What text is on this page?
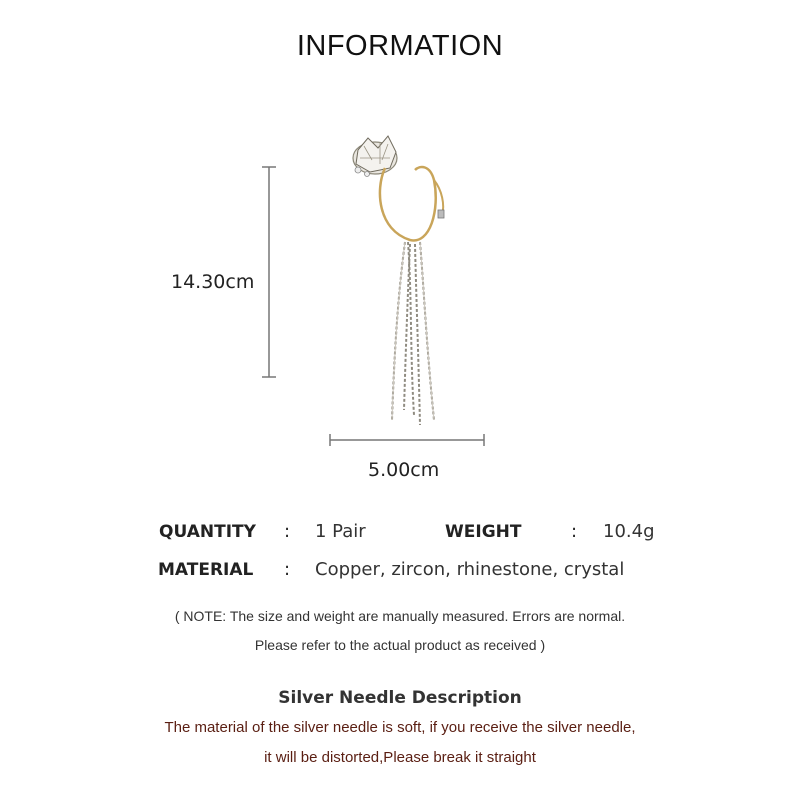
INFORMATION
14.30cm
5.00cm
QUANTITY : 1 Pair	WEIGHT	: 10.4g
MATERIAL : Copper, zircon, rhinestone, crystal
( NOTE: The size and weight are manually measured. Errors are normal.
Please refer to the actual product as received )
Silver Needle Description
The material of the silver needle is soft, if you receive the silver needle,
it will be distorted,Please break it straight
